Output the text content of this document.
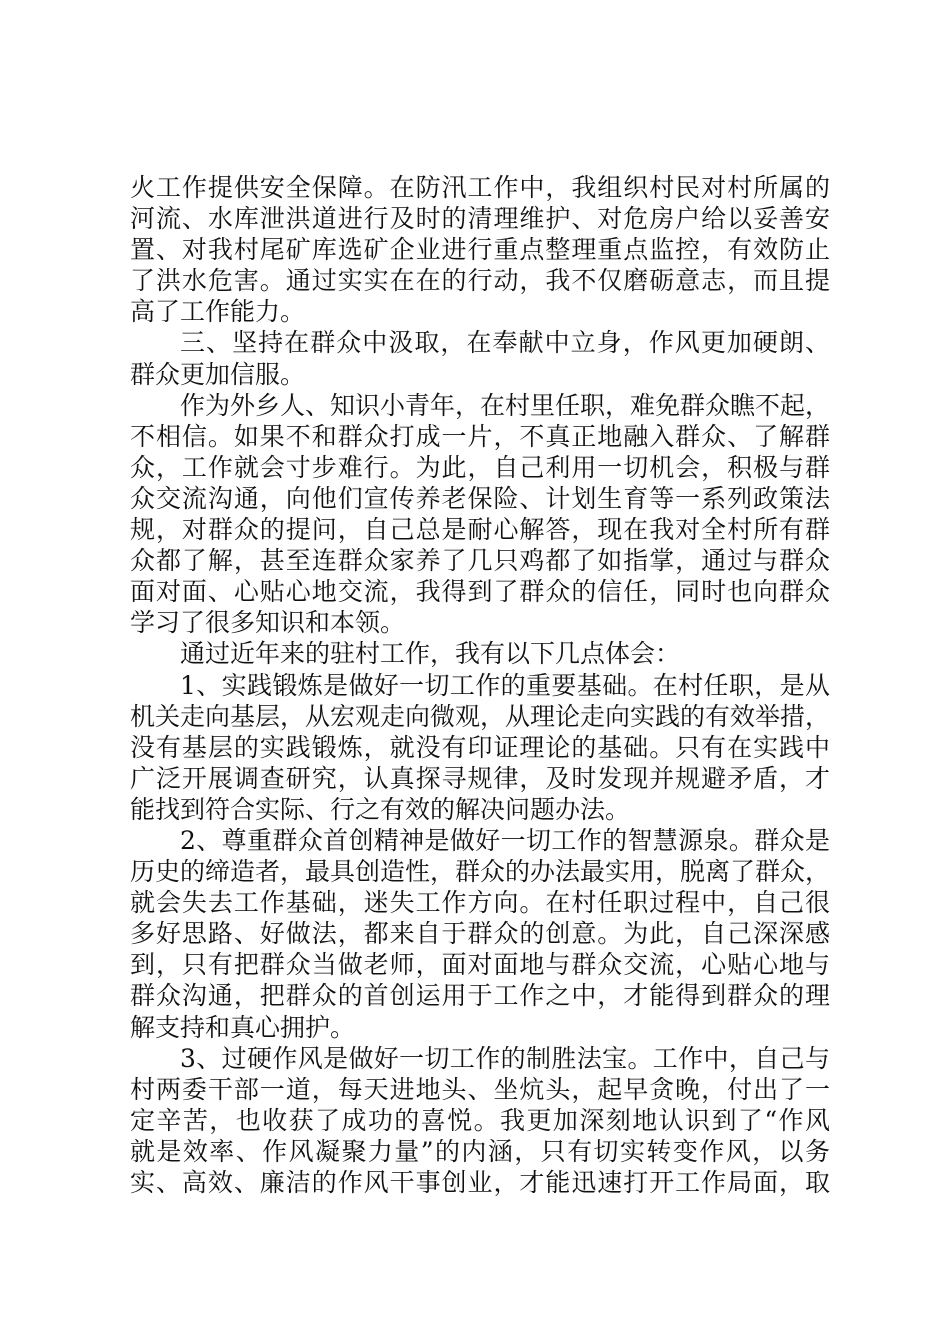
火工作提供安全保障。在防汛工作中，我组织村民对村所属的
河流、水库泄洪道进行及时的清理维护、对危房户给以妥善安
置、对我村尾矿库选矿企业进行重点整理重点监控，有效防止
了洪水危害。通过实实在在的行动，我不仅磨砺意志，而且提
高了工作能力。
三、坚持在群众中汲取，在奉献中立身，作风更加硬朗、
群众更加信服。
作为外乡人、知识小青年，在村里任职，难免群众瞧不起，
不相信。如果不和群众打成一片，不真正地融入群众、了解群
众，工作就会寸步难行。为此，自己利用一切机会，积极与群
众交流沟通，向他们宣传养老保险、计划生育等一系列政策法
规，对群众的提问，自己总是耐心解答，现在我对全村所有群
众都了解，甚至连群众家养了几只鸡都了如指掌，通过与群众
面对面、心贴心地交流，我得到了群众的信任，同时也向群众
学习了很多知识和本领。
通过近年来的驻村工作，我有以下几点体会：
1、实践锻炼是做好一切工作的重要基础。在村任职，是从
机关走向基层，从宏观走向微观，从理论走向实践的有效举措，
没有基层的实践锻炼，就没有印证理论的基础。只有在实践中
广泛开展调查研究，认真探寻规律，及时发现并规避矛盾，才
能找到符合实际、行之有效的解决问题办法。
2、尊重群众首创精神是做好一切工作的智慧源泉。群众是
历史的缔造者，最具创造性，群众的办法最实用，脱离了群众，
就会失去工作基础，迷失工作方向。在村任职过程中，自己很
多好思路、好做法，都来自于群众的创意。为此，自己深深感
到，只有把群众当做老师，面对面地与群众交流，心贴心地与
群众沟通，把群众的首创运用于工作之中，才能得到群众的理
解支持和真心拥护。
3、过硬作风是做好一切工作的制胜法宝。工作中，自己与
村两委干部一道，每天进地头、坐炕头，起早贪晚，付出了一
定辛苦，也收获了成功的喜悦。我更加深刻地认识到了“作风
就是效率、作风凝聚力量”的内涵，只有切实转变作风，以务
实、高效、廉洁的作风干事创业，才能迅速打开工作局面，取
